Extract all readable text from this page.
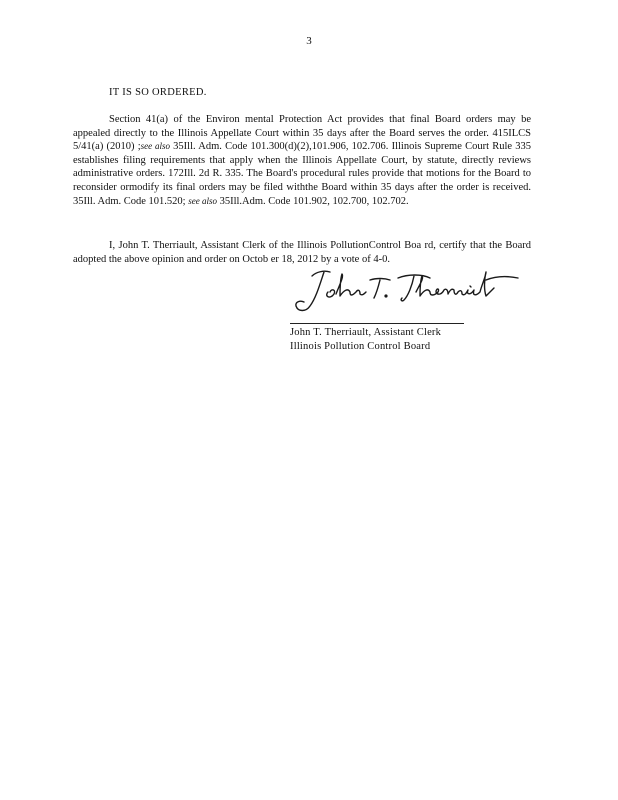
3
IT IS SO ORDERED.

Section 41(a) of the Environ mental Protection Act provides that final Board orders may be appealed directly to the Illinois Appellate Court within 35 days after the Board serves the order. 415ILCS 5/41(a) (2010) ;see also 35Ill. Adm. Code 101.300(d)(2),101.906, 102.706. Illinois Supreme Court Rule 335 establishes filing requirements that apply when the Illinois Appellate Court, by statute, directly reviews administrative orders. 172Ill. 2d R. 335. The Board's procedural rules provide that motions for the Board to reconsider ormodify its final orders may be filed withthe Board within 35 days after the order is received. 35Ill. Adm. Code 101.520; see also 35Ill.Adm. Code 101.902, 102.700, 102.702.

I, John T. Therriault, Assistant Clerk of the Illinois PollutionControl Boa rd, certify that the Board adopted the above opinion and order on Octob er 18, 2012 by a vote of 4-0.

John T. Therriault, Assistant Clerk
Illinois Pollution Control Board
